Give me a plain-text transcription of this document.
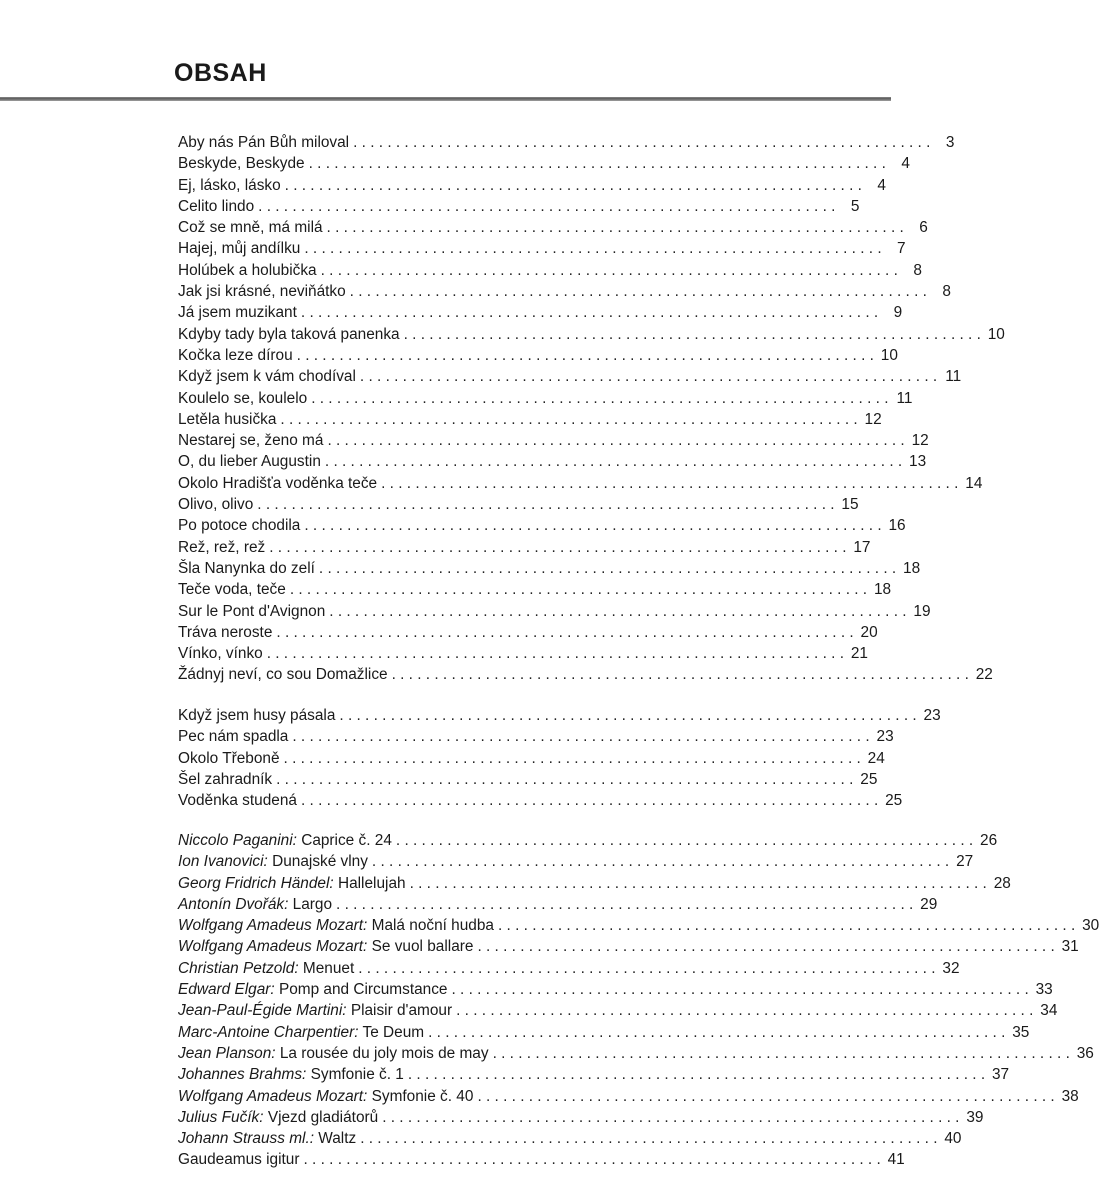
OBSAH
Aby nás Pán Bůh miloval . . .	3
Beskyde, Beskyde . . .	4
Ej, lásko, lásko . . .	4
Celito lindo . . .	5
Což se mně, má milá . . .	6
Hajej, můj andílku . . .	7
Holúbek a holubička . . .	8
Jak jsi krásné, neviňátko . . .	8
Já jsem muzikant . . .	9
Kdyby tady byla taková panenka . . .	10
Kočka leze dírou . . .	10
Když jsem k vám chodíval . . .	11
Koulelo se, koulelo . . .	11
Letěla husička . . .	12
Nestarej se, ženo má . . .	12
O, du lieber Augustin . . .	13
Okolo Hradišťa voděnka teče . . .	14
Olivo, olivo . . .	15
Po potoce chodila . . .	16
Rež, rež, rež . . .	17
Šla Nanynka do zelí . . .	18
Teče voda, teče . . .	18
Sur le Pont d'Avignon . . .	19
Tráva neroste . . .	20
Vínko, vínko . . .	21
Žádnyj neví, co sou Domažlice . . .	22
Když jsem husy pásala . . .	23
Pec nám spadla . . .	23
Okolo Třeboně . . .	24
Šel zahradník . . .	25
Voděnka studená . . .	25
Niccolo Paganini: Caprice č. 24 . . .	26
Ion Ivanovici: Dunajské vlny . . .	27
Georg Fridrich Händel: Hallelujah . . .	28
Antonín Dvořák: Largo . . .	29
Wolfgang Amadeus Mozart: Malá noční hudba . . .	30
Wolfgang Amadeus Mozart: Se vuol ballare . . .	31
Christian Petzold: Menuet . . .	32
Edward Elgar: Pomp and Circumstance . . .	33
Jean-Paul-Égide Martini: Plaisir d'amour . . .	34
Marc-Antoine Charpentier: Te Deum . . .	35
Jean Planson: La rousée du joly mois de may . . .	36
Johannes Brahms: Symfonie č. 1 . . .	37
Wolfgang Amadeus Mozart: Symfonie č. 40 . . .	38
Julius Fučík: Vjezd gladiátorů . . .	39
Johann Strauss ml.: Waltz . . .	40
Gaudeamus igitur . . .	41
